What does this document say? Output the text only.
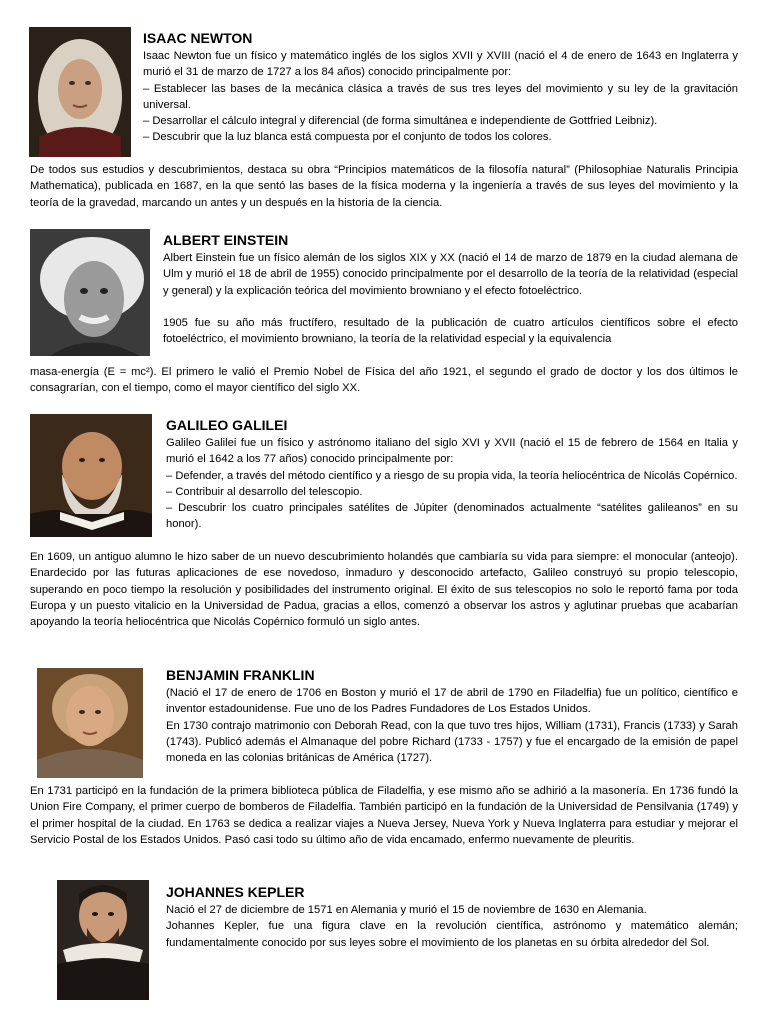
ISAAC NEWTON

Isaac Newton fue un físico y matemático inglés de los siglos XVII y XVIII (nació el 4 de enero de 1643 en Inglaterra y murió el 31 de marzo de 1727 a los 84 años) conocido principalmente por:

– Establecer las bases de la mecánica clásica a través de sus tres leyes del movimiento y su ley de la gravitación universal.

– Desarrollar el cálculo integral y diferencial (de forma simultánea e independiente de Gottfried Leibniz).

– Descubrir que la luz blanca está compuesta por el conjunto de todos los colores.

De todos sus estudios y descubrimientos, destaca su obra “Principios matemáticos de la filosofía natural” (Philosophiae Naturalis Principia Mathematica), publicada en 1687, en la que sentó las bases de la física moderna y la ingeniería a través de sus leyes del movimiento y la teoría de la gravedad, marcando un antes y un después en la historia de la ciencia.

ALBERT EINSTEIN

Albert Einstein fue un físico alemán de los siglos XIX y XX (nació el 14 de marzo de 1879 en la ciudad alemana de Ulm y murió el 18 de abril de 1955) conocido principalmente por el desarrollo de la teoría de la relatividad (especial y general) y la explicación teórica del movimiento browniano y el efecto fotoeléctrico.

1905 fue su año más fructífero, resultado de la publicación de cuatro artículos científicos sobre el efecto fotoeléctrico, el movimiento browniano, la teoría de la relatividad especial y la equivalencia

masa-energía (E = mc²). El primero le valió el Premio Nobel de Física del año 1921, el segundo el grado de doctor y los dos últimos le consagrarían, con el tiempo, como el mayor científico del siglo XX.

GALILEO GALILEI

Galileo Galilei fue un físico y astrónomo italiano del siglo XVI y XVII (nació el 15 de febrero de 1564 en Italia y murió el 1642 a los 77 años) conocido principalmente por:

– Defender, a través del método científico y a riesgo de su propia vida, la teoría heliocéntrica de Nicolás Copérnico.

– Contribuir al desarrollo del telescopio.

– Descubrir los cuatro principales satélites de Júpiter (denominados actualmente “satélites galileanos” en su honor).

En 1609, un antiguo alumno le hizo saber de un nuevo descubrimiento holandés que cambiaría su vida para siempre: el monocular (anteojo). Enardecido por las futuras aplicaciones de ese novedoso, inmaduro y desconocido artefacto, Galileo construyó su propio telescopio, superando en poco tiempo la resolución y posibilidades del instrumento original. El éxito de sus telescopios no solo le reportó fama por toda Europa y un puesto vitalicio en la Universidad de Padua, gracias a ellos, comenzó a observar los astros y aglutinar pruebas que acabarían apoyando la teoría heliocéntrica que Nicolás Copérnico formuló un siglo antes.

BENJAMIN FRANKLIN

(Nació el 17 de enero de 1706 en Boston y murió el 17 de abril de 1790 en Filadelfia) fue un político, científico e inventor estadounidense. Fue uno de los Padres Fundadores de Los Estados Unidos.

En 1730 contrajo matrimonio con Deborah Read, con la que tuvo tres hijos, William (1731), Francis (1733) y Sarah (1743). Publicó además el Almanaque del pobre Richard (1733 - 1757) y fue el encargado de la emisión de papel moneda en las colonias británicas de América (1727).

En 1731 participó en la fundación de la primera biblioteca pública de Filadelfia, y ese mismo año se adhirió a la masonería. En 1736 fundó la Union Fire Company, el primer cuerpo de bomberos de Filadelfia. También participó en la fundación de la Universidad de Pensilvania (1749) y el primer hospital de la ciudad. En 1763 se dedica a realizar viajes a Nueva Jersey, Nueva York y Nueva Inglaterra para estudiar y mejorar el Servicio Postal de los Estados Unidos. Pasó casi todo su último año de vida encamado, enfermo nuevamente de pleuritis.

JOHANNES KEPLER

Nació el 27 de diciembre de 1571 en Alemania y murió el 15 de noviembre de 1630 en Alemania.

Johannes Kepler, fue una figura clave en la revolución científica, astrónomo y matemático alemán; fundamentalmente conocido por sus leyes sobre el movimiento de los planetas en su órbita alrededor del Sol.
